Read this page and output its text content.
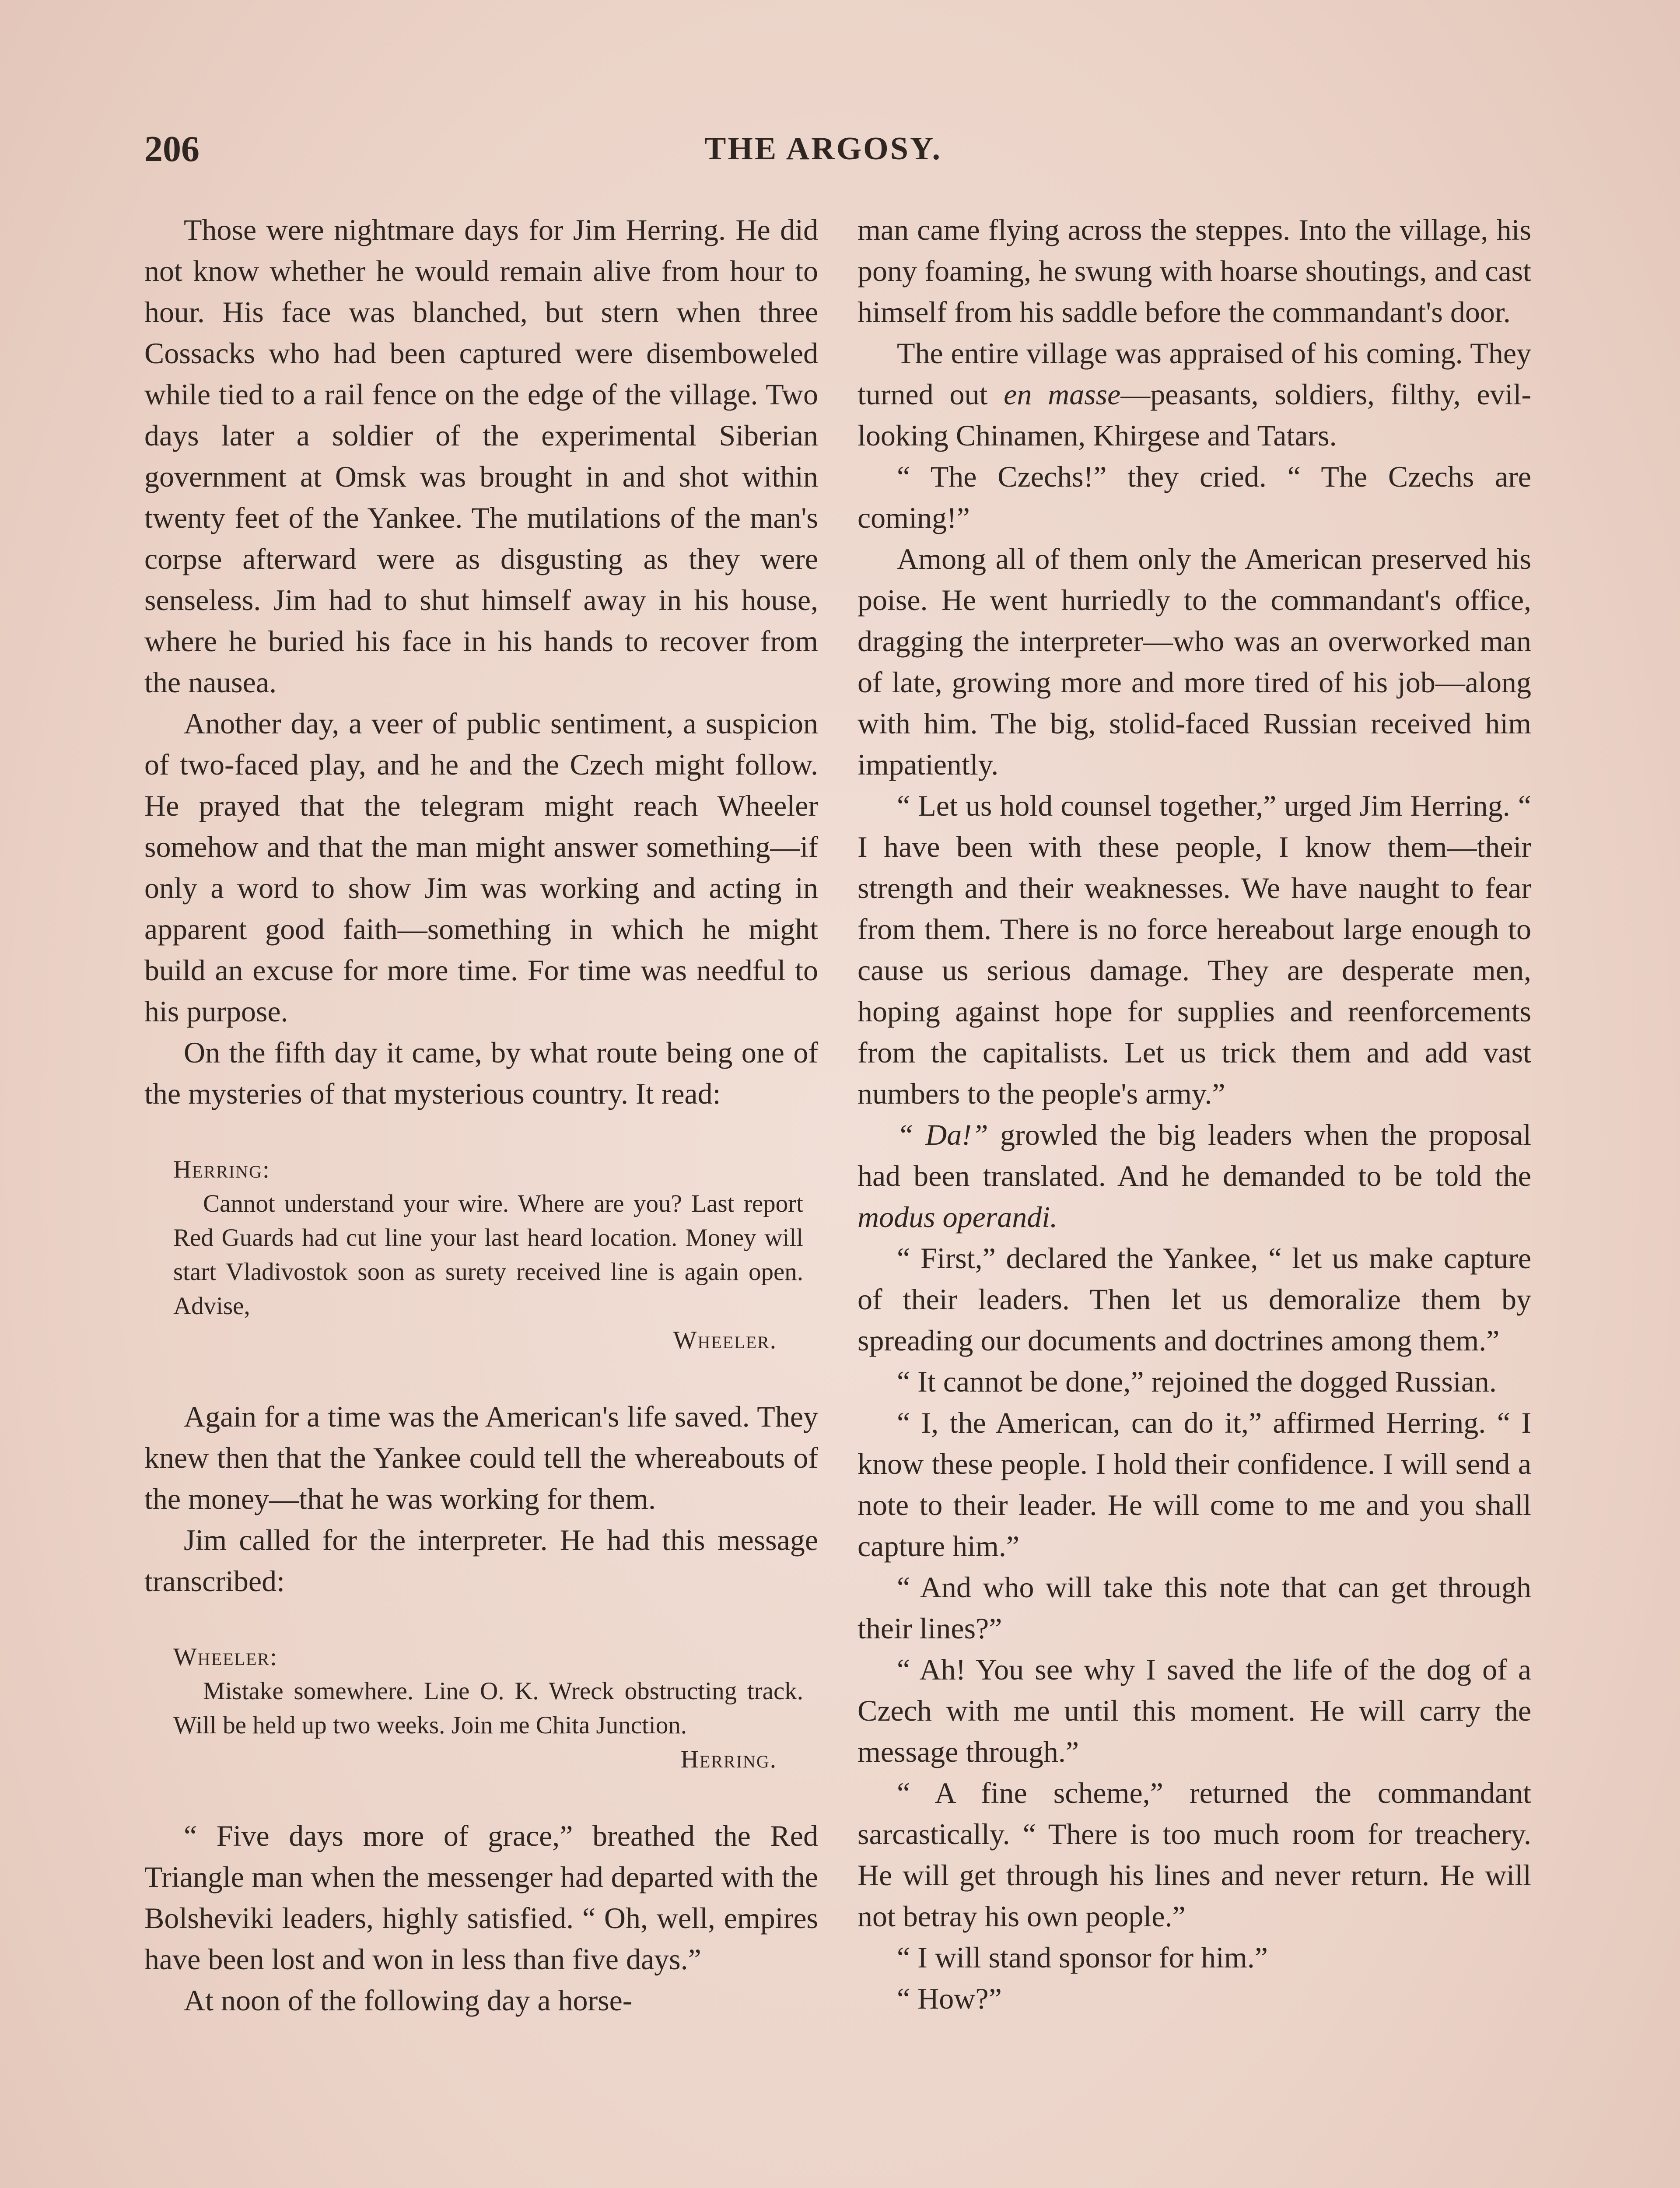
206	THE ARGOSY.

Those were nightmare days for Jim Herring. He did not know whether he would remain alive from hour to hour. His face was blanched, but stern when three Cossacks who had been captured were disemboweled while tied to a rail fence on the edge of the village. Two days later a soldier of the experimental Siberian government at Omsk was brought in and shot within twenty feet of the Yankee. The mutilations of the man's corpse afterward were as disgusting as they were senseless. Jim had to shut himself away in his house, where he buried his face in his hands to recover from the nausea.

Another day, a veer of public sentiment, a suspicion of two-faced play, and he and the Czech might follow. He prayed that the telegram might reach Wheeler somehow and that the man might answer something—if only a word to show Jim was working and acting in apparent good faith—something in which he might build an excuse for more time. For time was needful to his purpose.

On the fifth day it came, by what route being one of the mysteries of that mysterious country. It read:

Herring:

Cannot understand your wire. Where are you? Last report Red Guards had cut line your last heard location. Money will start Vladivostok soon as surety received line is again open. Advise,

Wheeler.

Again for a time was the American's life saved. They knew then that the Yankee could tell the whereabouts of the money—that he was working for them.

Jim called for the interpreter. He had this message transcribed:

Wheeler:

Mistake somewhere. Line O. K. Wreck obstructing track. Will be held up two weeks. Join me Chita Junction.

Herring.

“ Five days more of grace,” breathed the Red Triangle man when the messenger had departed with the Bolsheviki leaders, highly satisfied. “ Oh, well, empires have been lost and won in less than five days.”

At noon of the following day a horse-

man came flying across the steppes. Into the village, his pony foaming, he swung with hoarse shoutings, and cast himself from his saddle before the commandant's door.

The entire village was appraised of his coming. They turned out en masse—peasants, soldiers, filthy, evil-looking Chinamen, Khirgese and Tatars.

“ The Czechs!” they cried. “ The Czechs are coming!”

Among all of them only the American preserved his poise. He went hurriedly to the commandant's office, dragging the interpreter—who was an overworked man of late, growing more and more tired of his job—along with him. The big, stolid-faced Russian received him impatiently.

“ Let us hold counsel together,” urged Jim Herring. “ I have been with these people, I know them—their strength and their weaknesses. We have naught to fear from them. There is no force hereabout large enough to cause us serious damage. They are desperate men, hoping against hope for supplies and reenforcements from the capitalists. Let us trick them and add vast numbers to the people's army.”

“ Da!” growled the big leaders when the proposal had been translated. And he demanded to be told the modus operandi.

“ First,” declared the Yankee, “ let us make capture of their leaders. Then let us demoralize them by spreading our documents and doctrines among them.”

“ It cannot be done,” rejoined the dogged Russian.

“ I, the American, can do it,” affirmed Herring. “ I know these people. I hold their confidence. I will send a note to their leader. He will come to me and you shall capture him.”

“ And who will take this note that can get through their lines?”

“ Ah! You see why I saved the life of the dog of a Czech with me until this moment. He will carry the message through.”

“ A fine scheme,” returned the commandant sarcastically. “ There is too much room for treachery. He will get through his lines and never return. He will not betray his own people.”

“ I will stand sponsor for him.”

“ How?”
